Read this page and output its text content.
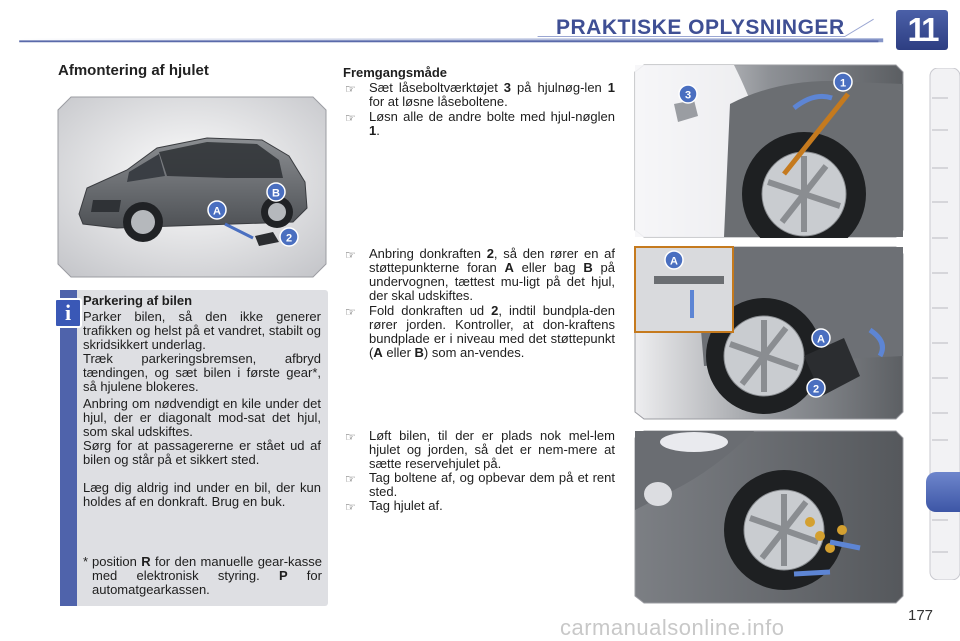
PRAKTISKE OPLYSNINGER	11
Afmontering af hjulet
A
B
2
i Parkering af bilen
Parker bilen, så den ikke generer trafikken og helst på et vandret, stabilt og skridsikkert underlag.
Træk parkeringsbremsen, afbryd tændingen, og sæt bilen i første gear*, så hjulene blokeres.
Anbring om nødvendigt en kile under det hjul, der er diagonalt mod-sat det hjul, som skal udskiftes.
Sørg for at passagererne er stået ud af bilen og står på et sikkert sted.
Læg dig aldrig ind under en bil, der kun holdes af en donkraft. Brug en buk.
* position R for den manuelle gear-kasse med elektronisk styring. P for automatgearkassen.
Fremgangsmåde
☞ Sæt låseboltværktøjet 3 på hjulnøg-len 1 for at løsne låseboltene.
☞ Løsn alle de andre bolte med hjul-nøglen 1.
☞ Anbring donkraften 2, så den rører en af støttepunkterne foran A eller bag B på undervognen, tættest mu-ligt på det hjul, der skal udskiftes.
☞ Fold donkraften ud 2, indtil bundpla-den rører jorden. Kontroller, at don-kraftens bundplade er i niveau med det støttepunkt (A eller B) som an-vendes.
☞ Løft bilen, til der er plads nok mel-lem hjulet og jorden, så det er nem-mere at sætte reservehjulet på.
☞ Tag boltene af, og opbevar dem på et rent sted.
☞ Tag hjulet af.
1
3
A
A
2
177
carmanualsonline.info
